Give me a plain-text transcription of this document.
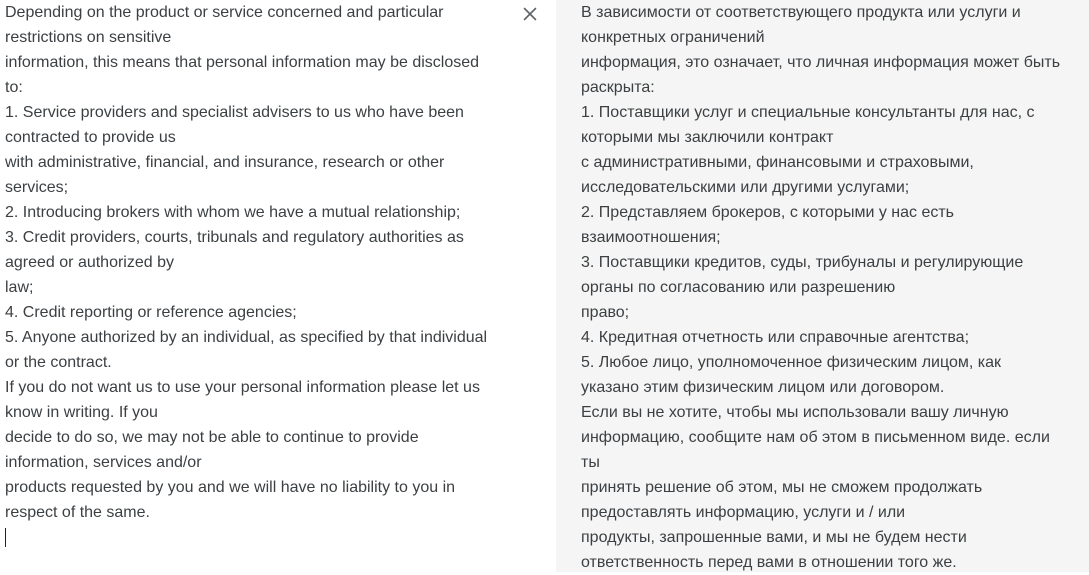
Depending on the product or service concerned and particular
restrictions on sensitive
information, this means that personal information may be disclosed
to:
1. Service providers and specialist advisers to us who have been
contracted to provide us
with administrative, financial, and insurance, research or other
services;
2. Introducing brokers with whom we have a mutual relationship;
3. Credit providers, courts, tribunals and regulatory authorities as
agreed or authorized by
law;
4. Credit reporting or reference agencies;
5. Anyone authorized by an individual, as specified by that individual
or the contract.
If you do not want us to use your personal information please let us
know in writing. If you
decide to do so, we may not be able to continue to provide
information, services and/or
products requested by you and we will have no liability to you in
respect of the same.
В зависимости от соответствующего продукта или услуги и
конкретных ограничений
информация, это означает, что личная информация может быть
раскрыта:
1. Поставщики услуг и специальные консультанты для нас, с
которыми мы заключили контракт
с административными, финансовыми и страховыми,
исследовательскими или другими услугами;
2. Представляем брокеров, с которыми у нас есть
взаимоотношения;
3. Поставщики кредитов, суды, трибуналы и регулирующие
органы по согласованию или разрешению
право;
4. Кредитная отчетность или справочные агентства;
5. Любое лицо, уполномоченное физическим лицом, как
указано этим физическим лицом или договором.
Если вы не хотите, чтобы мы использовали вашу личную
информацию, сообщите нам об этом в письменном виде. если
ты
принять решение об этом, мы не сможем продолжать
предоставлять информацию, услуги и / или
продукты, запрошенные вами, и мы не будем нести
ответственность перед вами в отношении того же.
